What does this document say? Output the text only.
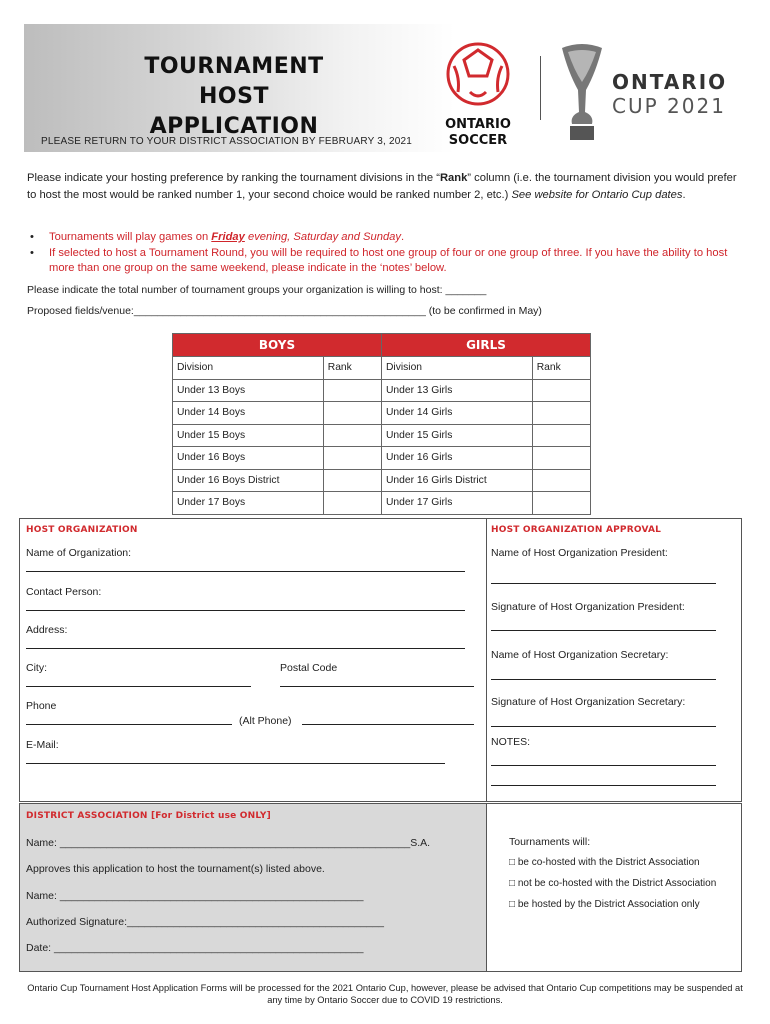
TOURNAMENT HOST
APPLICATION
PLEASE RETURN TO YOUR DISTRICT ASSOCIATION BY FEBRUARY 3, 2021
ONTARIO
SOCCER
ONTARIO
CUP 2021
Please indicate your hosting preference by ranking the tournament divisions in the “Rank” column (i.e. the tournament division you would prefer to host the most would be ranked number 1, your second choice would be ranked number 2, etc.) See website for Ontario Cup dates.
• Tournaments will play games on Friday evening, Saturday and Sunday.
• If selected to host a Tournament Round, you will be required to host one group of four or one group of three. If you have the ability to host more than one group on the same weekend, please indicate in the ‘notes’ below.
Please indicate the total number of tournament groups your organization is willing to host: _______
Proposed fields/venue:__________________________________________________ (to be confirmed in May)
BOYS		GIRLS	
Division	Rank	Division	Rank
Under 13 Boys		Under 13 Girls	
Under 14 Boys		Under 14 Girls	
Under 15 Boys		Under 15 Girls	
Under 16 Boys		Under 16 Girls	
Under 16 Boys District		Under 16 Girls District	
Under 17 Boys		Under 17 Girls	
HOST ORGANIZATION
Name of Organization:
Contact Person:
Address:
City:	Postal Code
Phone
(Alt Phone)
E-Mail:
HOST ORGANIZATION APPROVAL
Name of Host Organization President:
Signature of Host Organization President:
Name of Host Organization Secretary:
Signature of Host Organization Secretary:
NOTES:
Tournaments will:
□ be co-hosted with the District Association
□ not be co-hosted with the District Association
□ be hosted by the District Association only
DISTRICT ASSOCIATION [For District use ONLY]
Name: ____________________________________________________________S.A.
Approves this application to host the tournament(s) listed above.
Name: ____________________________________________________
Authorized Signature:____________________________________________
Date: _____________________________________________________
Ontario Cup Tournament Host Application Forms will be processed for the 2021 Ontario Cup, however, please be advised that Ontario Cup competitions may be suspended at any time by Ontario Soccer due to COVID 19 restrictions.
